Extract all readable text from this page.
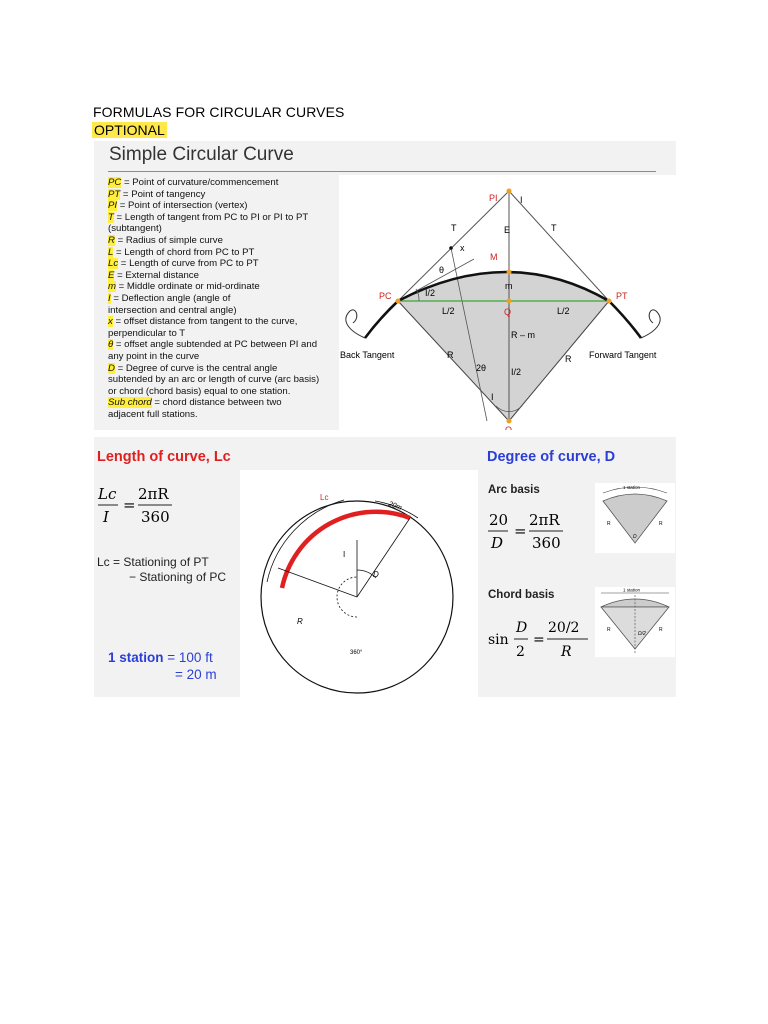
FORMULAS FOR CIRCULAR CURVES
OPTIONAL
Simple Circular Curve
PC = Point of curvature/commencement
PT = Point of tangency
PI = Point of intersection (vertex)
T = Length of tangent from PC to PI or PI to PT
(subtangent)
R = Radius of simple curve
L = Length of chord from PC to PT
Lc = Length of curve from PC to PT
E = External distance
m = Middle ordinate or mid-ordinate
I = Deflection angle (angle of
intersection and central angle)
x = offset distance from tangent to the curve,
perpendicular to T
θ = offset angle subtended at PC between PI and
any point in the curve
D = Degree of curve is the central angle
subtended by an arc or length of curve (arc basis)
or chord (chord basis) equal to one station.
Sub chord = chord distance between two
adjacent full stations.
PI I
T	T
E
x
M
θ
m
PC	PT
I/2
L/2	Q	L/2
R – m
Back Tangent	Forward Tangent
R	R
2θ	I/2
I
O
Length of curve, Lc	Degree of curve, D
Lc
I
=
2πR
360
Lc = Stationing of PT
− Stationing of PC
1 station = 100 ft
= 20 m
Lc
20m
I
D
R
360°
Arc basis
20
D
=
2πR
360
1 station
R	R
D
Chord basis
sin
D
2
=
20/2
R
1 station
R	R
D/2
